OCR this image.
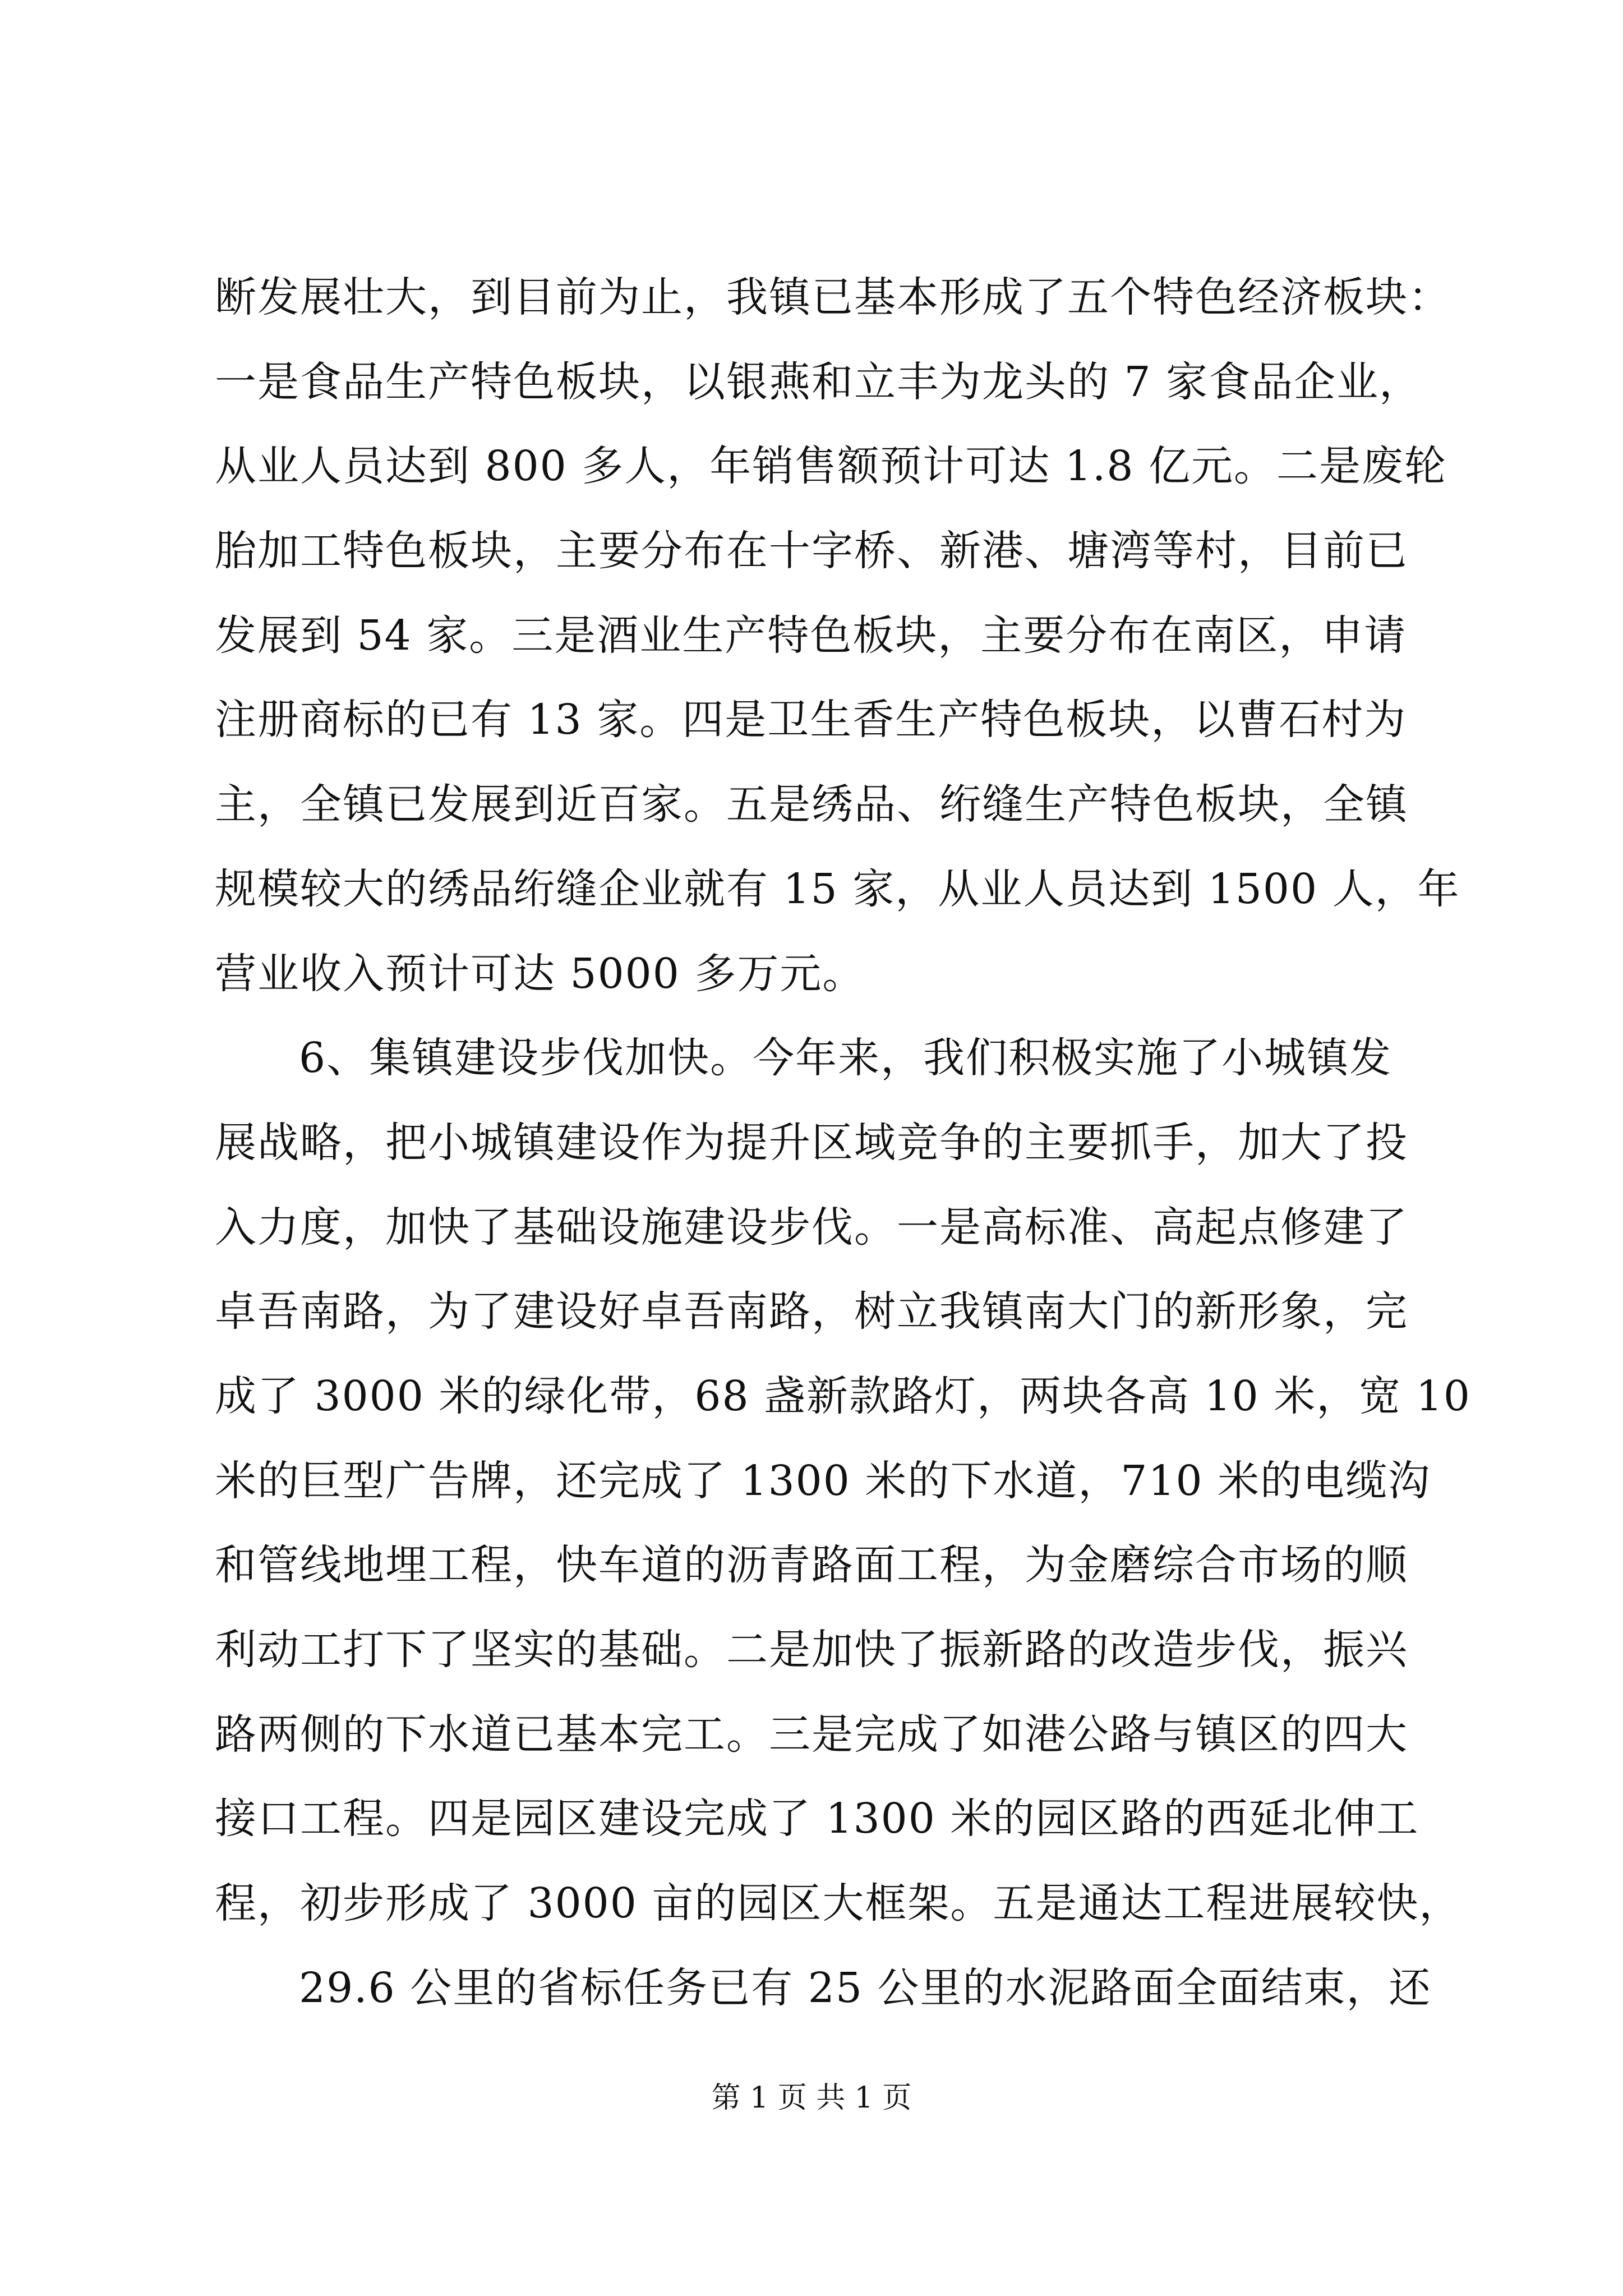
断发展壮大，到目前为止，我镇已基本形成了五个特色经济板块：
一是食品生产特色板块，以银燕和立丰为龙头的 7 家食品企业，
从业人员达到 800 多人，年销售额预计可达 1.8 亿元。二是废轮
胎加工特色板块，主要分布在十字桥、新港、塘湾等村，目前已
发展到 54 家。三是酒业生产特色板块，主要分布在南区，申请
注册商标的已有 13 家。四是卫生香生产特色板块，以曹石村为
主，全镇已发展到近百家。五是绣品、绗缝生产特色板块，全镇
规模较大的绣品绗缝企业就有 15 家，从业人员达到 1500 人，年
营业收入预计可达 5000 多万元。
6、集镇建设步伐加快。今年来，我们积极实施了小城镇发
展战略，把小城镇建设作为提升区域竞争的主要抓手，加大了投
入力度，加快了基础设施建设步伐。一是高标准、高起点修建了
卓吾南路，为了建设好卓吾南路，树立我镇南大门的新形象，完
成了 3000 米的绿化带，68 盏新款路灯，两块各高 10 米，宽 10
米的巨型广告牌，还完成了 1300 米的下水道，710 米的电缆沟
和管线地埋工程，快车道的沥青路面工程，为金磨综合市场的顺
利动工打下了坚实的基础。二是加快了振新路的改造步伐，振兴
路两侧的下水道已基本完工。三是完成了如港公路与镇区的四大
接口工程。四是园区建设完成了 1300 米的园区路的西延北伸工
程，初步形成了 3000 亩的园区大框架。五是通达工程进展较快，
29.6 公里的省标任务已有 25 公里的水泥路面全面结束，还
第 1 页 共 1 页
